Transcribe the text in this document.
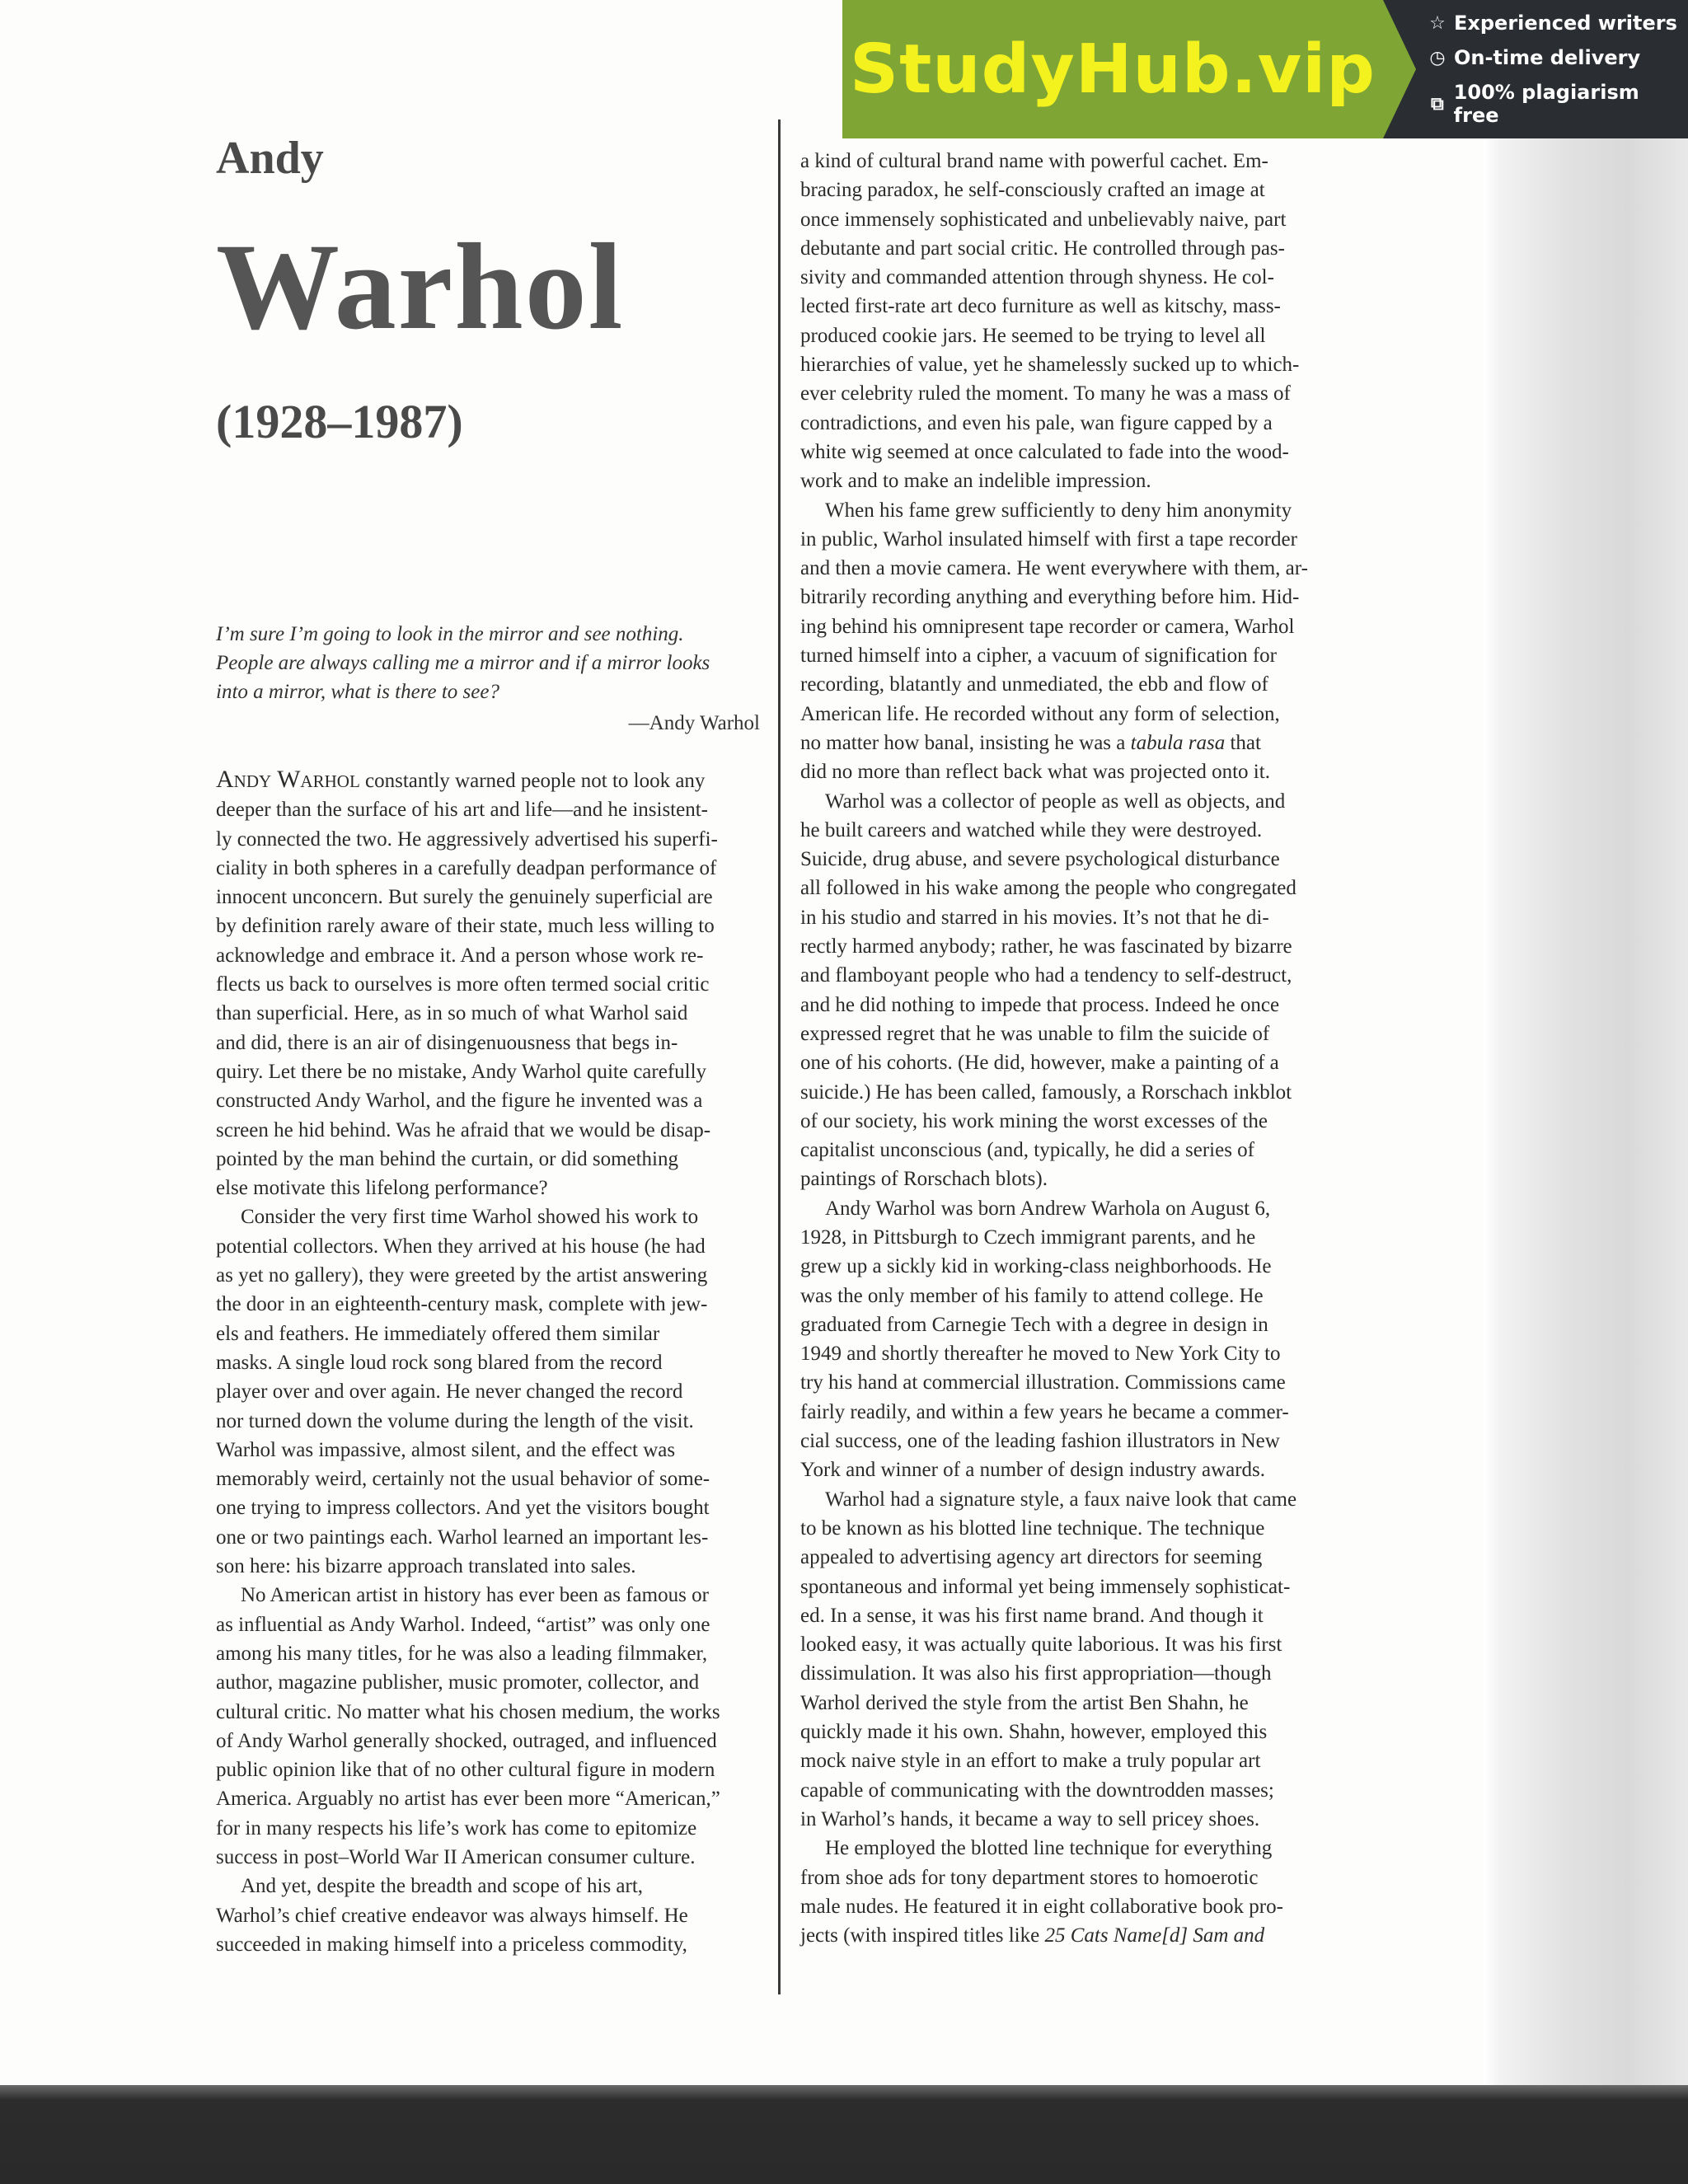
StudyHub.vip
☆ Experienced writers
◷ On-time delivery
⧉ 100% plagiarism free
Andy
Warhol
(1928–1987)
I’m sure I’m going to look in the mirror and see nothing.
People are always calling me a mirror and if a mirror looks
into a mirror, what is there to see?
—Andy Warhol

Andy Warhol constantly warned people not to look any
deeper than the surface of his art and life—and he insistent-
ly connected the two. He aggressively advertised his superfi-
ciality in both spheres in a carefully deadpan performance of
innocent unconcern. But surely the genuinely superficial are
by definition rarely aware of their state, much less willing to
acknowledge and embrace it. And a person whose work re-
flects us back to ourselves is more often termed social critic
than superficial. Here, as in so much of what Warhol said
and did, there is an air of disingenuousness that begs in-
quiry. Let there be no mistake, Andy Warhol quite carefully
constructed Andy Warhol, and the figure he invented was a
screen he hid behind. Was he afraid that we would be disap-
pointed by the man behind the curtain, or did something
else motivate this lifelong performance?

Consider the very first time Warhol showed his work to
potential collectors. When they arrived at his house (he had
as yet no gallery), they were greeted by the artist answering
the door in an eighteenth-century mask, complete with jew-
els and feathers. He immediately offered them similar
masks. A single loud rock song blared from the record
player over and over again. He never changed the record
nor turned down the volume during the length of the visit.
Warhol was impassive, almost silent, and the effect was
memorably weird, certainly not the usual behavior of some-
one trying to impress collectors. And yet the visitors bought
one or two paintings each. Warhol learned an important les-
son here: his bizarre approach translated into sales.

No American artist in history has ever been as famous or
as influential as Andy Warhol. Indeed, “artist” was only one
among his many titles, for he was also a leading filmmaker,
author, magazine publisher, music promoter, collector, and
cultural critic. No matter what his chosen medium, the works
of Andy Warhol generally shocked, outraged, and influenced
public opinion like that of no other cultural figure in modern
America. Arguably no artist has ever been more “American,”
for in many respects his life’s work has come to epitomize
success in post–World War II American consumer culture.

And yet, despite the breadth and scope of his art,
Warhol’s chief creative endeavor was always himself. He
succeeded in making himself into a priceless commodity,

a kind of cultural brand name with powerful cachet. Em-
bracing paradox, he self-consciously crafted an image at
once immensely sophisticated and unbelievably naive, part
debutante and part social critic. He controlled through pas-
sivity and commanded attention through shyness. He col-
lected first-rate art deco furniture as well as kitschy, mass-
produced cookie jars. He seemed to be trying to level all
hierarchies of value, yet he shamelessly sucked up to which-
ever celebrity ruled the moment. To many he was a mass of
contradictions, and even his pale, wan figure capped by a
white wig seemed at once calculated to fade into the wood-
work and to make an indelible impression.

When his fame grew sufficiently to deny him anonymity
in public, Warhol insulated himself with first a tape recorder
and then a movie camera. He went everywhere with them, ar-
bitrarily recording anything and everything before him. Hid-
ing behind his omnipresent tape recorder or camera, Warhol
turned himself into a cipher, a vacuum of signification for
recording, blatantly and unmediated, the ebb and flow of
American life. He recorded without any form of selection,
no matter how banal, insisting he was a tabula rasa that
did no more than reflect back what was projected onto it.

Warhol was a collector of people as well as objects, and
he built careers and watched while they were destroyed.
Suicide, drug abuse, and severe psychological disturbance
all followed in his wake among the people who congregated
in his studio and starred in his movies. It’s not that he di-
rectly harmed anybody; rather, he was fascinated by bizarre
and flamboyant people who had a tendency to self-destruct,
and he did nothing to impede that process. Indeed he once
expressed regret that he was unable to film the suicide of
one of his cohorts. (He did, however, make a painting of a
suicide.) He has been called, famously, a Rorschach inkblot
of our society, his work mining the worst excesses of the
capitalist unconscious (and, typically, he did a series of
paintings of Rorschach blots).

Andy Warhol was born Andrew Warhola on August 6,
1928, in Pittsburgh to Czech immigrant parents, and he
grew up a sickly kid in working-class neighborhoods. He
was the only member of his family to attend college. He
graduated from Carnegie Tech with a degree in design in
1949 and shortly thereafter he moved to New York City to
try his hand at commercial illustration. Commissions came
fairly readily, and within a few years he became a commer-
cial success, one of the leading fashion illustrators in New
York and winner of a number of design industry awards.

Warhol had a signature style, a faux naive look that came
to be known as his blotted line technique. The technique
appealed to advertising agency art directors for seeming
spontaneous and informal yet being immensely sophisticat-
ed. In a sense, it was his first name brand. And though it
looked easy, it was actually quite laborious. It was his first
dissimulation. It was also his first appropriation—though
Warhol derived the style from the artist Ben Shahn, he
quickly made it his own. Shahn, however, employed this
mock naive style in an effort to make a truly popular art
capable of communicating with the downtrodden masses;
in Warhol’s hands, it became a way to sell pricey shoes.

He employed the blotted line technique for everything
from shoe ads for tony department stores to homoerotic
male nudes. He featured it in eight collaborative book pro-
jects (with inspired titles like 25 Cats Name[d] Sam and
